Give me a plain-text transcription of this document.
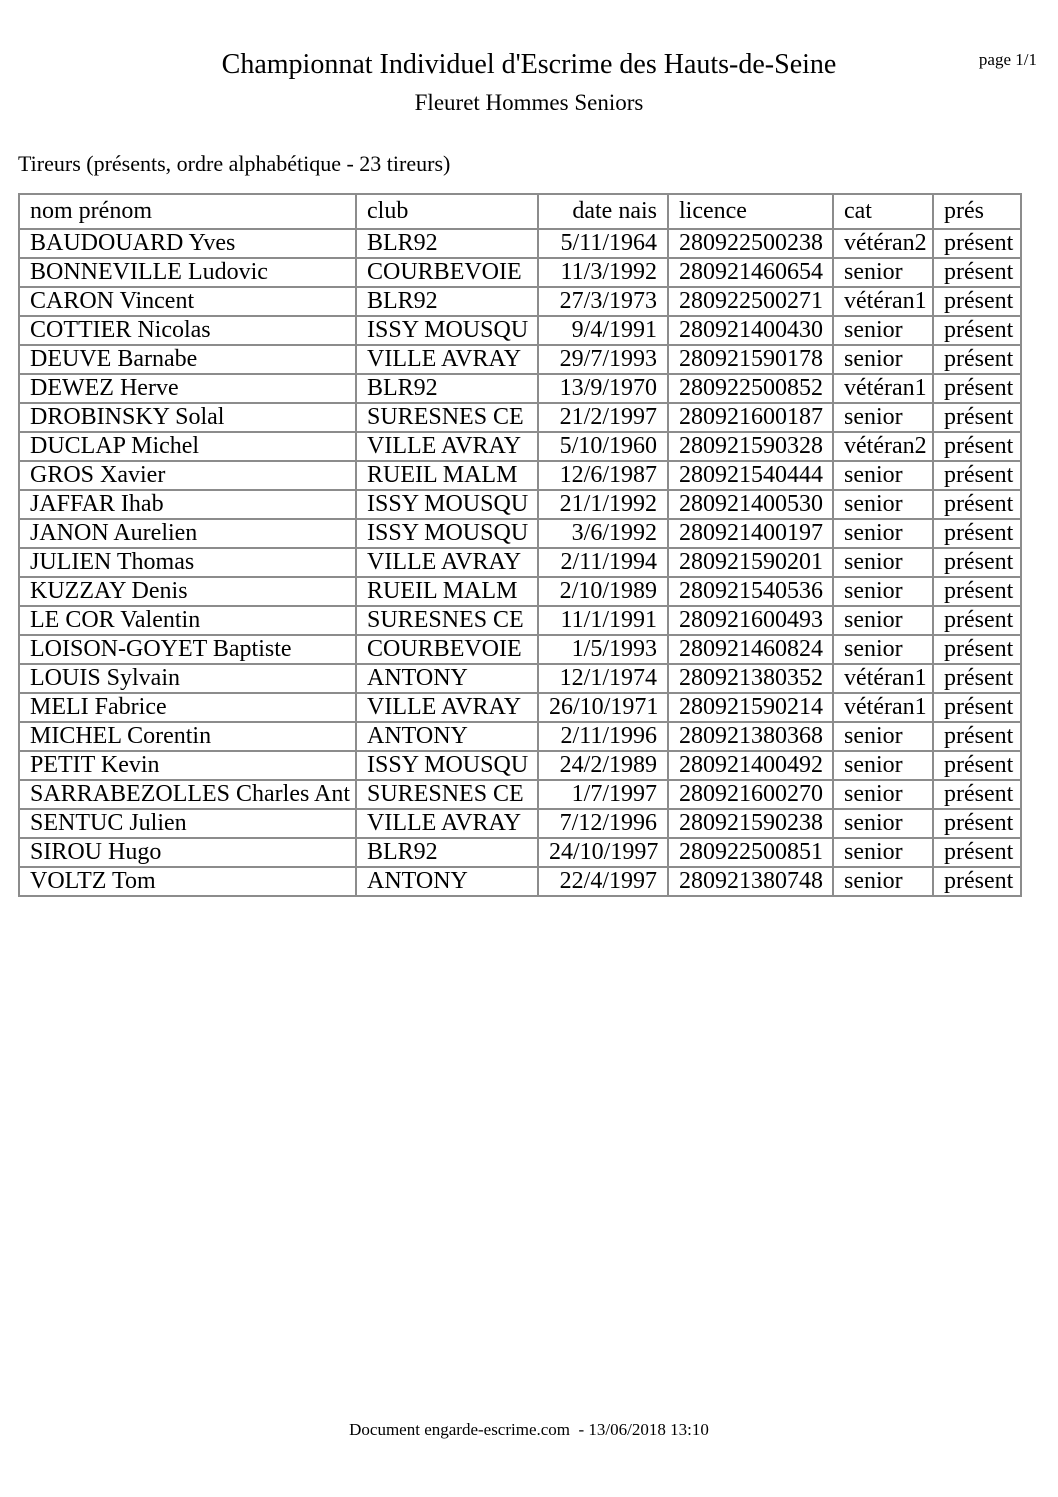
page 1/1
Championnat Individuel d'Escrime des Hauts-de-Seine
Fleuret Hommes Seniors
Tireurs (présents, ordre alphabétique - 23 tireurs)
nom prénom	club	date nais	licence	cat	prés
BAUDOUARD Yves	BLR92	5/11/1964	280922500238	vétéran2	présent
BONNEVILLE Ludovic	COURBEVOIE	11/3/1992	280921460654	senior	présent
CARON Vincent	BLR92	27/3/1973	280922500271	vétéran1	présent
COTTIER Nicolas	ISSY MOUSQU	9/4/1991	280921400430	senior	présent
DEUVE Barnabe	VILLE AVRAY	29/7/1993	280921590178	senior	présent
DEWEZ Herve	BLR92	13/9/1970	280922500852	vétéran1	présent
DROBINSKY Solal	SURESNES CE	21/2/1997	280921600187	senior	présent
DUCLAP Michel	VILLE AVRAY	5/10/1960	280921590328	vétéran2	présent
GROS Xavier	RUEIL MALM	12/6/1987	280921540444	senior	présent
JAFFAR Ihab	ISSY MOUSQU	21/1/1992	280921400530	senior	présent
JANON Aurelien	ISSY MOUSQU	3/6/1992	280921400197	senior	présent
JULIEN Thomas	VILLE AVRAY	2/11/1994	280921590201	senior	présent
KUZZAY Denis	RUEIL MALM	2/10/1989	280921540536	senior	présent
LE COR Valentin	SURESNES CE	11/1/1991	280921600493	senior	présent
LOISON-GOYET Baptiste	COURBEVOIE	1/5/1993	280921460824	senior	présent
LOUIS Sylvain	ANTONY	12/1/1974	280921380352	vétéran1	présent
MELI Fabrice	VILLE AVRAY	26/10/1971	280921590214	vétéran1	présent
MICHEL Corentin	ANTONY	2/11/1996	280921380368	senior	présent
PETIT Kevin	ISSY MOUSQU	24/2/1989	280921400492	senior	présent
SARRABEZOLLES Charles Ant	SURESNES CE	1/7/1997	280921600270	senior	présent
SENTUC Julien	VILLE AVRAY	7/12/1996	280921590238	senior	présent
SIROU Hugo	BLR92	24/10/1997	280922500851	senior	présent
VOLTZ Tom	ANTONY	22/4/1997	280921380748	senior	présent
Document engarde-escrime.com  - 13/06/2018 13:10
